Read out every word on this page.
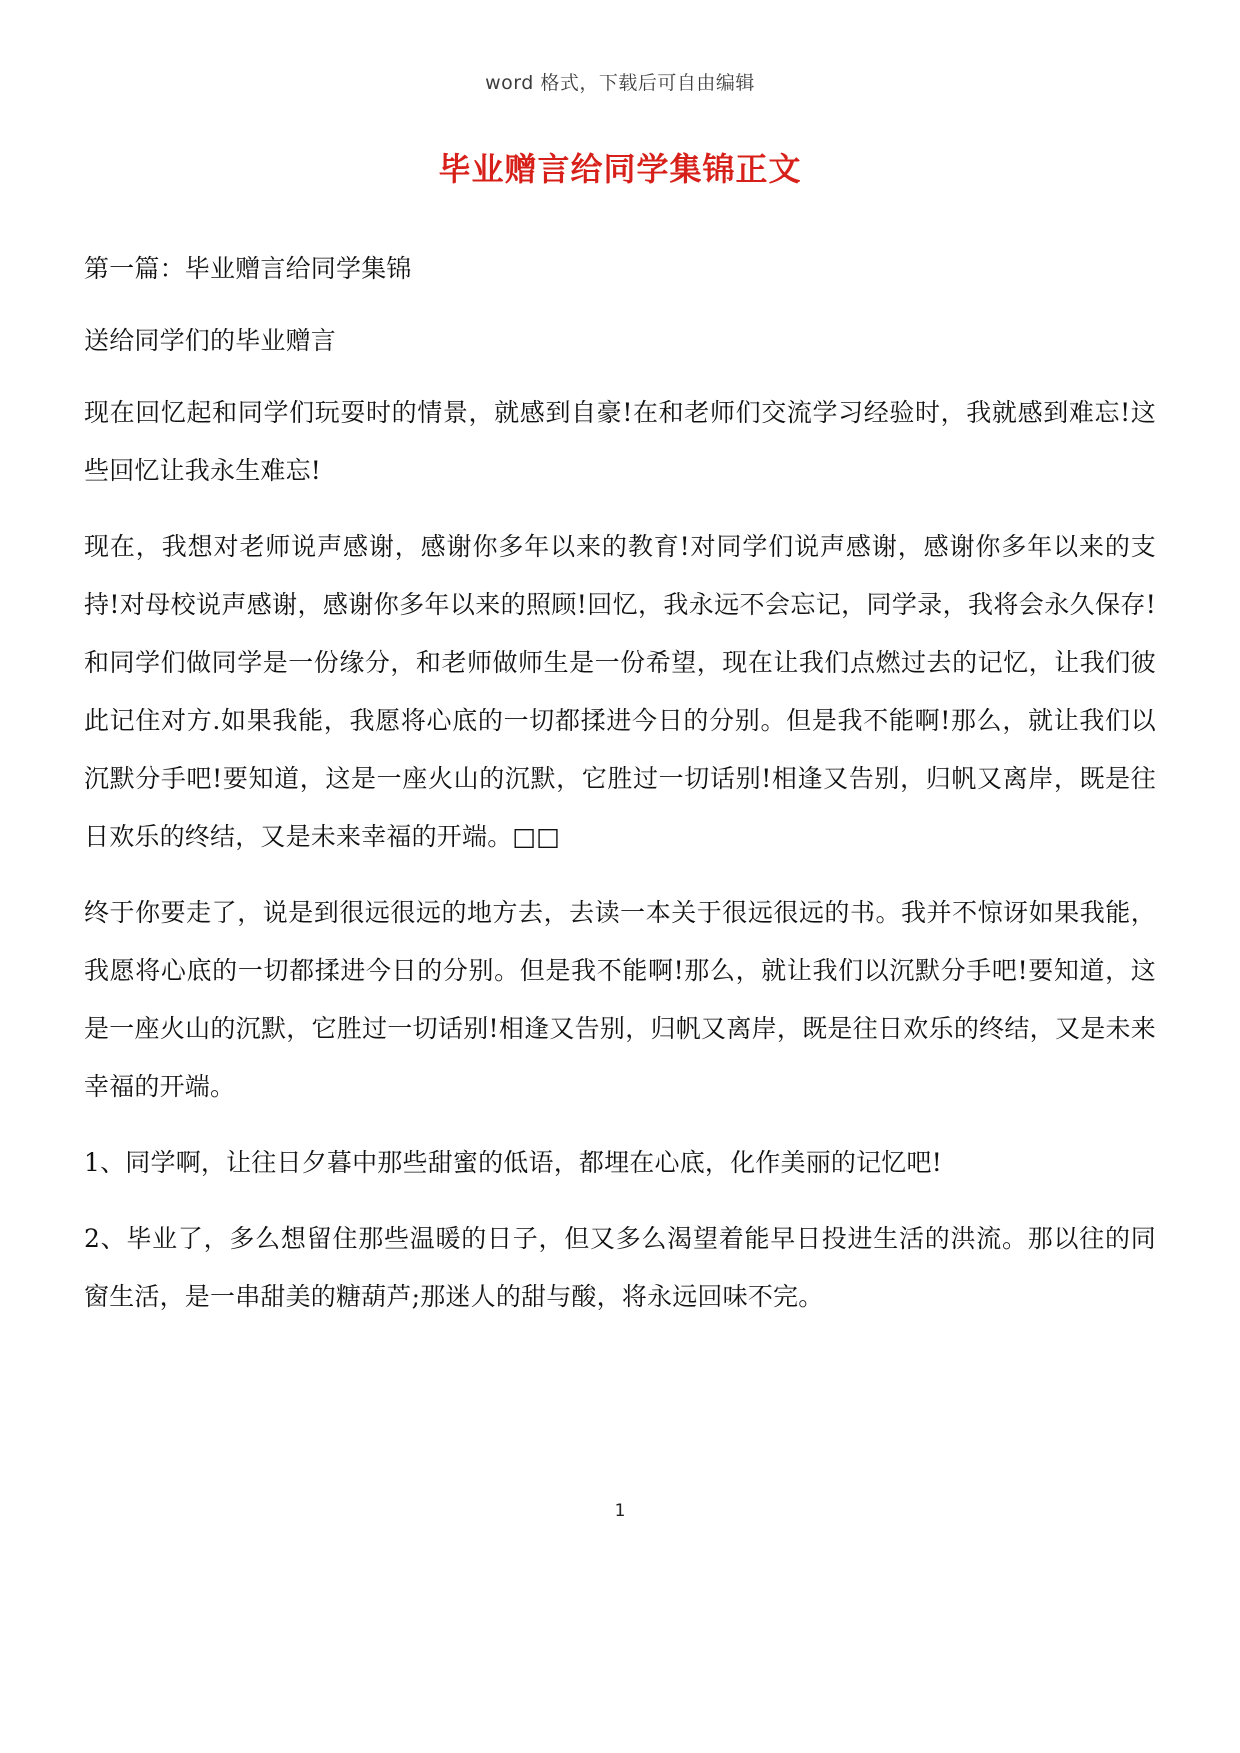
word 格式，下载后可自由编辑
毕业赠言给同学集锦正文

第一篇：毕业赠言给同学集锦

送给同学们的毕业赠言

现在回忆起和同学们玩耍时的情景，就感到自豪!在和老师们交流学习经验时，我就感到难忘!这些回忆让我永生难忘!

现在，我想对老师说声感谢，感谢你多年以来的教育!对同学们说声感谢，感谢你多年以来的支持!对母校说声感谢，感谢你多年以来的照顾!回忆，我永远不会忘记，同学录，我将会永久保存!和同学们做同学是一份缘分，和老师做师生是一份希望，现在让我们点燃过去的记忆，让我们彼此记住对方.如果我能，我愿将心底的一切都揉进今日的分别。但是我不能啊!那么，就让我们以沉默分手吧!要知道，这是一座火山的沉默，它胜过一切话别!相逢又告别，归帆又离岸，既是往日欢乐的终结，又是未来幸福的开端。□□

终于你要走了，说是到很远很远的地方去，去读一本关于很远很远的书。我并不惊讶如果我能，我愿将心底的一切都揉进今日的分别。但是我不能啊!那么，就让我们以沉默分手吧!要知道，这是一座火山的沉默，它胜过一切话别!相逢又告别，归帆又离岸，既是往日欢乐的终结，又是未来幸福的开端。

1、同学啊，让往日夕暮中那些甜蜜的低语，都埋在心底，化作美丽的记忆吧!

2、毕业了，多么想留住那些温暖的日子，但又多么渴望着能早日投进生活的洪流。那以往的同窗生活，是一串甜美的糖葫芦;那迷人的甜与酸，将永远回味不完。

1
